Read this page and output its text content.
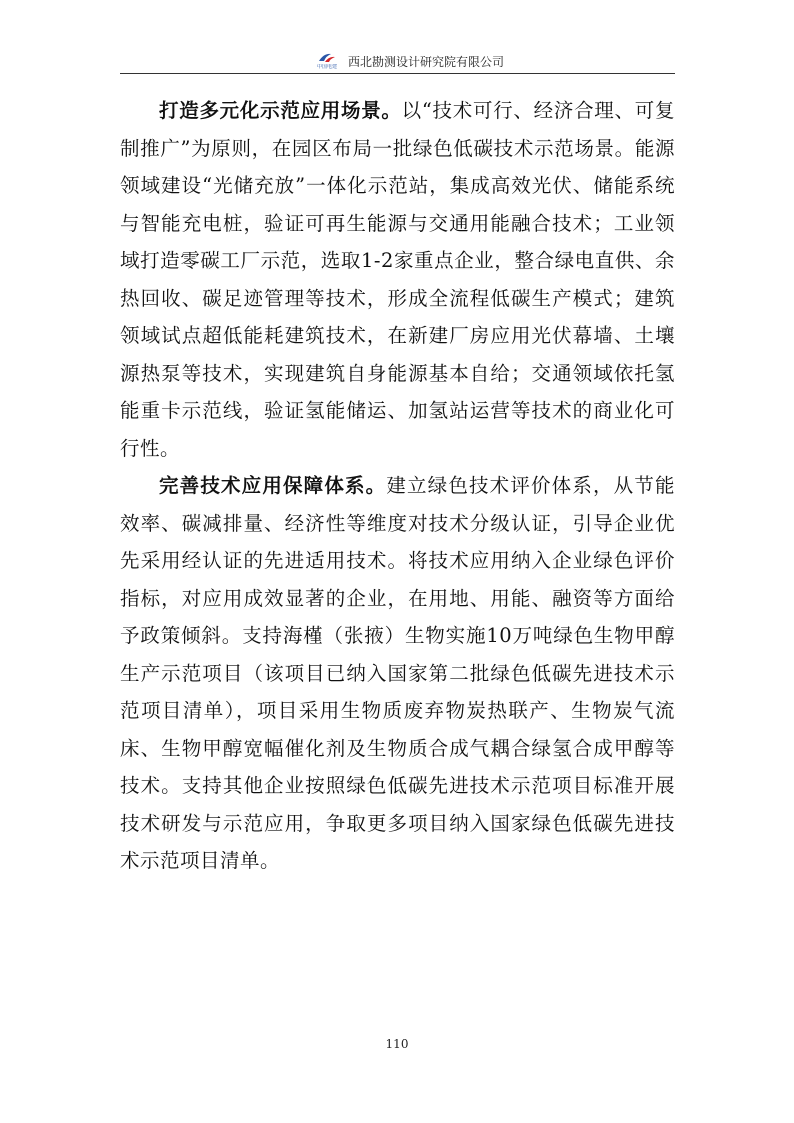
中国电建 西北勘测设计研究院有限公司

打造多元化示范应用场景。以“技术可行、经济合理、可复制推广”为原则，在园区布局一批绿色低碳技术示范场景。能源领域建设“光储充放”一体化示范站，集成高效光伏、储能系统与智能充电桩，验证可再生能源与交通用能融合技术；工业领域打造零碳工厂示范，选取1-2家重点企业，整合绿电直供、余热回收、碳足迹管理等技术，形成全流程低碳生产模式；建筑领域试点超低能耗建筑技术，在新建厂房应用光伏幕墙、土壤源热泵等技术，实现建筑自身能源基本自给；交通领域依托氢能重卡示范线，验证氢能储运、加氢站运营等技术的商业化可行性。

完善技术应用保障体系。建立绿色技术评价体系，从节能效率、碳减排量、经济性等维度对技术分级认证，引导企业优先采用经认证的先进适用技术。将技术应用纳入企业绿色评价指标，对应用成效显著的企业，在用地、用能、融资等方面给予政策倾斜。支持海槿（张掖）生物实施10万吨绿色生物甲醇生产示范项目（该项目已纳入国家第二批绿色低碳先进技术示范项目清单），项目采用生物质废弃物炭热联产、生物炭气流床、生物甲醇宽幅催化剂及生物质合成气耦合绿氢合成甲醇等技术。支持其他企业按照绿色低碳先进技术示范项目标准开展技术研发与示范应用，争取更多项目纳入国家绿色低碳先进技术示范项目清单。

110
